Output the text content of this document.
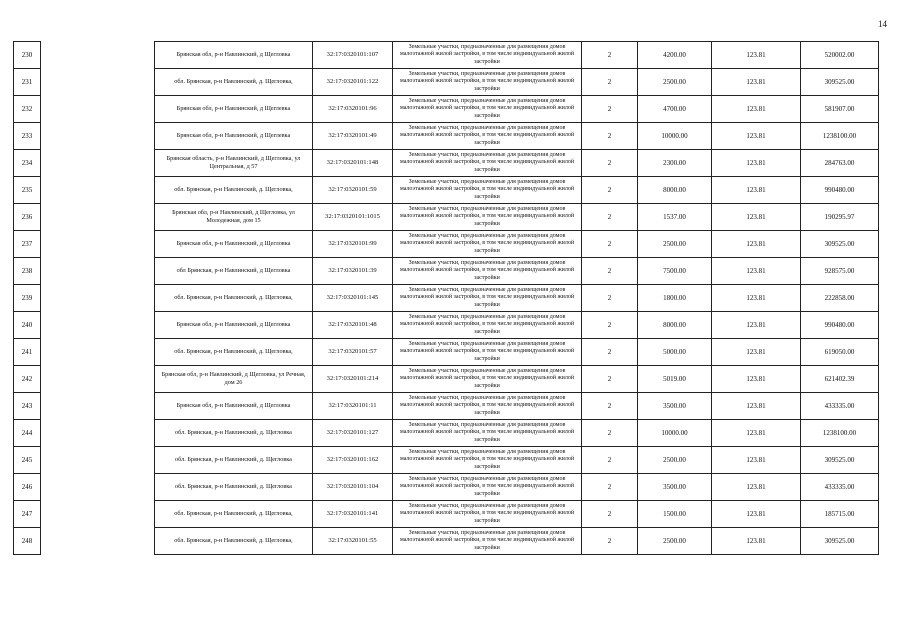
14
230		Брянская обл, р-н Навлинский, д Щегловка	32:17:0320101:107	Земельные участки, предназначенные для размещения домов малоэтажной жилой застройки, в том числе индивидуальной жилой застройки	2	4200.00	123.81	520002.00
231		обл. Брянская, р-н Навлинский, д. Щегловка,	32:17:0320101:122	Земельные участки, предназначенные для размещения домов малоэтажной жилой застройки, в том числе индивидуальной жилой застройки	2	2500.00	123.81	309525.00
232		Брянская обл, р-н Навлинский, д Щеглевка	32:17:0320101:96	Земельные участки, предназначенные для размещения домов малоэтажной жилой застройки, в том числе индивидуальной жилой застройки	2	4700.00	123.81	581907.00
233		Брянская обл, р-н Навлинский, д Щеглевка	32:17:0320101:49	Земельные участки, предназначенные для размещения домов малоэтажной жилой застройки, в том числе индивидуальной жилой застройки	2	10000.00	123.81	1238100.00
234		Брянская область, р-н Навлинский, д Щегловка, ул Центральная, д 57	32:17:0320101:148	Земельные участки, предназначенные для размещения домов малоэтажной жилой застройки, в том числе индивидуальной жилой застройки	2	2300.00	123.81	284763.00
235		обл. Брянская, р-н Навлинский, д. Щегловка,	32:17:0320101:59	Земельные участки, предназначенные для размещения домов малоэтажной жилой застройки, в том числе индивидуальной жилой застройки	2	8000.00	123.81	990480.00
236		Брянская обл, р-н Навлинский, д Щегловка, ул Молодежная, дом 15	32:17:0320101:1015	Земельные участки, предназначенные для размещения домов малоэтажной жилой застройки, в том числе индивидуальной жилой застройки	2	1537.00	123.81	190295.97
237		Брянская обл, р-н Навлинский, д Щегловка	32:17:0320101:99	Земельные участки, предназначенные для размещения домов малоэтажной жилой застройки, в том числе индивидуальной жилой застройки	2	2500.00	123.81	309525.00
238		обл Брянская, р-н Навлинский, д Щегловка	32:17:0320101:39	Земельные участки, предназначенные для размещения домов малоэтажной жилой застройки, в том числе индивидуальной жилой застройки	2	7500.00	123.81	928575.00
239		обл. Брянская, р-н Навлинский, д. Щегловка,	32:17:0320101:145	Земельные участки, предназначенные для размещения домов малоэтажной жилой застройки, в том числе индивидуальной жилой застройки	2	1800.00	123.81	222858.00
240		Брянская обл, р-н Навлинский, д Щегловка	32:17:0320101:48	Земельные участки, предназначенные для размещения домов малоэтажной жилой застройки, в том числе индивидуальной жилой застройки	2	8000.00	123.81	990480.00
241		обл. Брянская, р-н Навлинский, д. Щегловка,	32:17:0320101:57	Земельные участки, предназначенные для размещения домов малоэтажной жилой застройки, в том числе индивидуальной жилой застройки	2	5000.00	123.81	619050.00
242		Брянская обл, р-н Навлинский, д Щегловка, ул Речная, дом 26	32:17:0320101:214	Земельные участки, предназначенные для размещения домов малоэтажной жилой застройки, в том числе индивидуальной жилой застройки	2	5019.00	123.81	621402.39
243		Брянская обл, р-н Навлинский, д Щегловка	32:17:0320101:11	Земельные участки, предназначенные для размещения домов малоэтажной жилой застройки, в том числе индивидуальной жилой застройки	2	3500.00	123.81	433335.00
244		обл. Брянская, р-н Навлинский, д. Щегловка	32:17:0320101:127	Земельные участки, предназначенные для размещения домов малоэтажной жилой застройки, в том числе индивидуальной жилой застройки	2	10000.00	123.81	1238100.00
245		обл. Брянская, р-н Навлинский, д. Щегловка	32:17:0320101:162	Земельные участки, предназначенные для размещения домов малоэтажной жилой застройки, в том числе индивидуальной жилой застройки	2	2500.00	123.81	309525.00
246		обл. Брянская, р-н Навлинский, д. Щегловка	32:17:0320101:104	Земельные участки, предназначенные для размещения домов малоэтажной жилой застройки, в том числе индивидуальной жилой застройки	2	3500.00	123.81	433335.00
247		обл. Брянская, р-н Навлинский, д. Щегловка,	32:17:0320101:141	Земельные участки, предназначенные для размещения домов малоэтажной жилой застройки, в том числе индивидуальной жилой застройки	2	1500.00	123.81	185715.00
248		обл. Брянская, р-н Навлинский, д. Щегловка,	32:17:0320101:55	Земельные участки, предназначенные для размещения домов малоэтажной жилой застройки, в том числе индивидуальной жилой застройки	2	2500.00	123.81	309525.00
